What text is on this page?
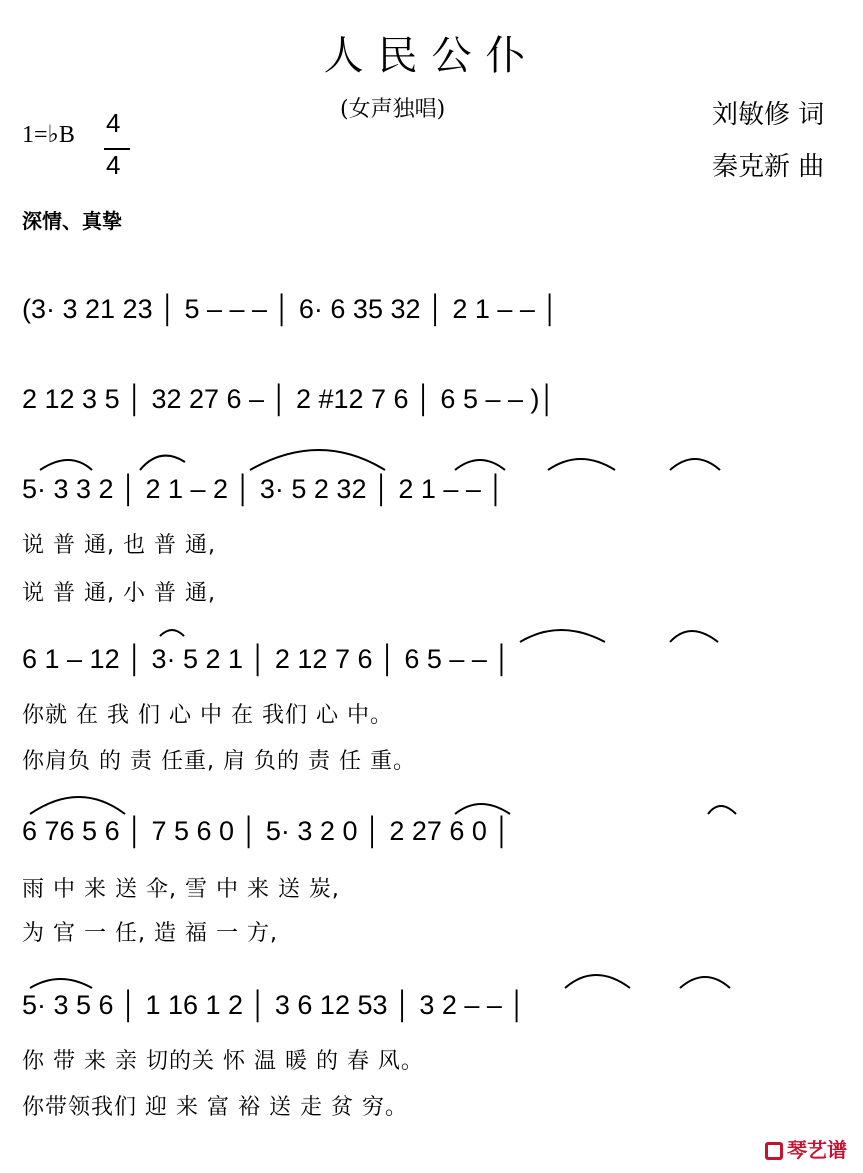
人民公仆
(女声独唱)	刘敏修 词
秦克新 曲
1=♭B 4
4
深情、真挚
(3· 3 21 23 │ 5 – – – │ 6· 6 35 32 │ 2 1 – – │
2 12 3 5 │ 32 27 6 – │ 2 #12 7 6 │ 6 5 – – )│
5· 3 3 2 │ 2 1 – 2 │ 3· 5 2 32 │ 2 1 – – │
说 普 通, 也 普 通,
说 普 通, 小 普 通,
6 1 – 12 │ 3· 5 2 1 │ 2 12 7 6 │ 6 5 – – │
你就 在 我 们 心 中 在 我们 心 中。
你肩负 的 责 任重, 肩 负的 责 任 重。
6 76 5 6 │ 7 5 6 0 │ 5· 3 2 0 │ 2 27 6 0 │
雨 中 来 送 伞, 雪 中 来 送 炭,
为 官 一 任, 造 福 一 方,
5· 3 5 6 │ 1 16 1 2 │ 3 6 12 53 │ 3 2 – – │
你 带 来 亲 切的关 怀 温 暖 的 春 风。
你带领我们 迎 来 富 裕 送 走 贫 穷。
琴艺谱
